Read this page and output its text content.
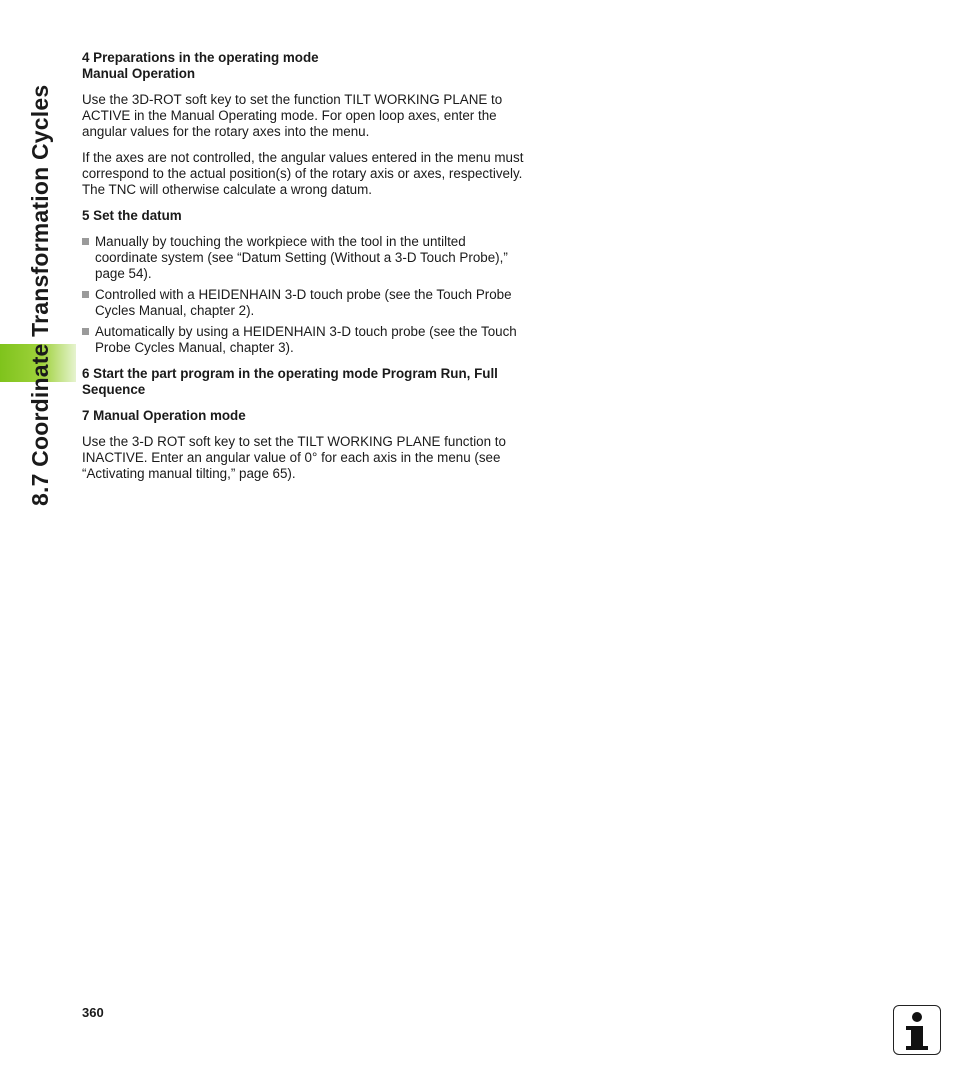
8.7 Coordinate Transformation Cycles

4 Preparations in the operating mode

Manual Operation

Use the 3D-ROT soft key to set the function TILT WORKING PLANE to ACTIVE in the Manual Operating mode. For open loop axes, enter the angular values for the rotary axes into the menu.

If the axes are not controlled, the angular values entered in the menu must correspond to the actual position(s) of the rotary axis or axes, respectively. The TNC will otherwise calculate a wrong datum.

5 Set the datum

Manually by touching the workpiece with the tool in the untilted coordinate system (see “Datum Setting (Without a 3-D Touch Probe),” page 54).
Controlled with a HEIDENHAIN 3-D touch probe (see the Touch Probe Cycles Manual, chapter 2).
Automatically by using a HEIDENHAIN 3-D touch probe (see the Touch Probe Cycles Manual, chapter 3).

6 Start the part program in the operating mode Program Run, Full Sequence

7 Manual Operation mode

Use the 3-D ROT soft key to set the TILT WORKING PLANE function to INACTIVE. Enter an angular value of 0° for each axis in the menu (see “Activating manual tilting,” page 65).

360
